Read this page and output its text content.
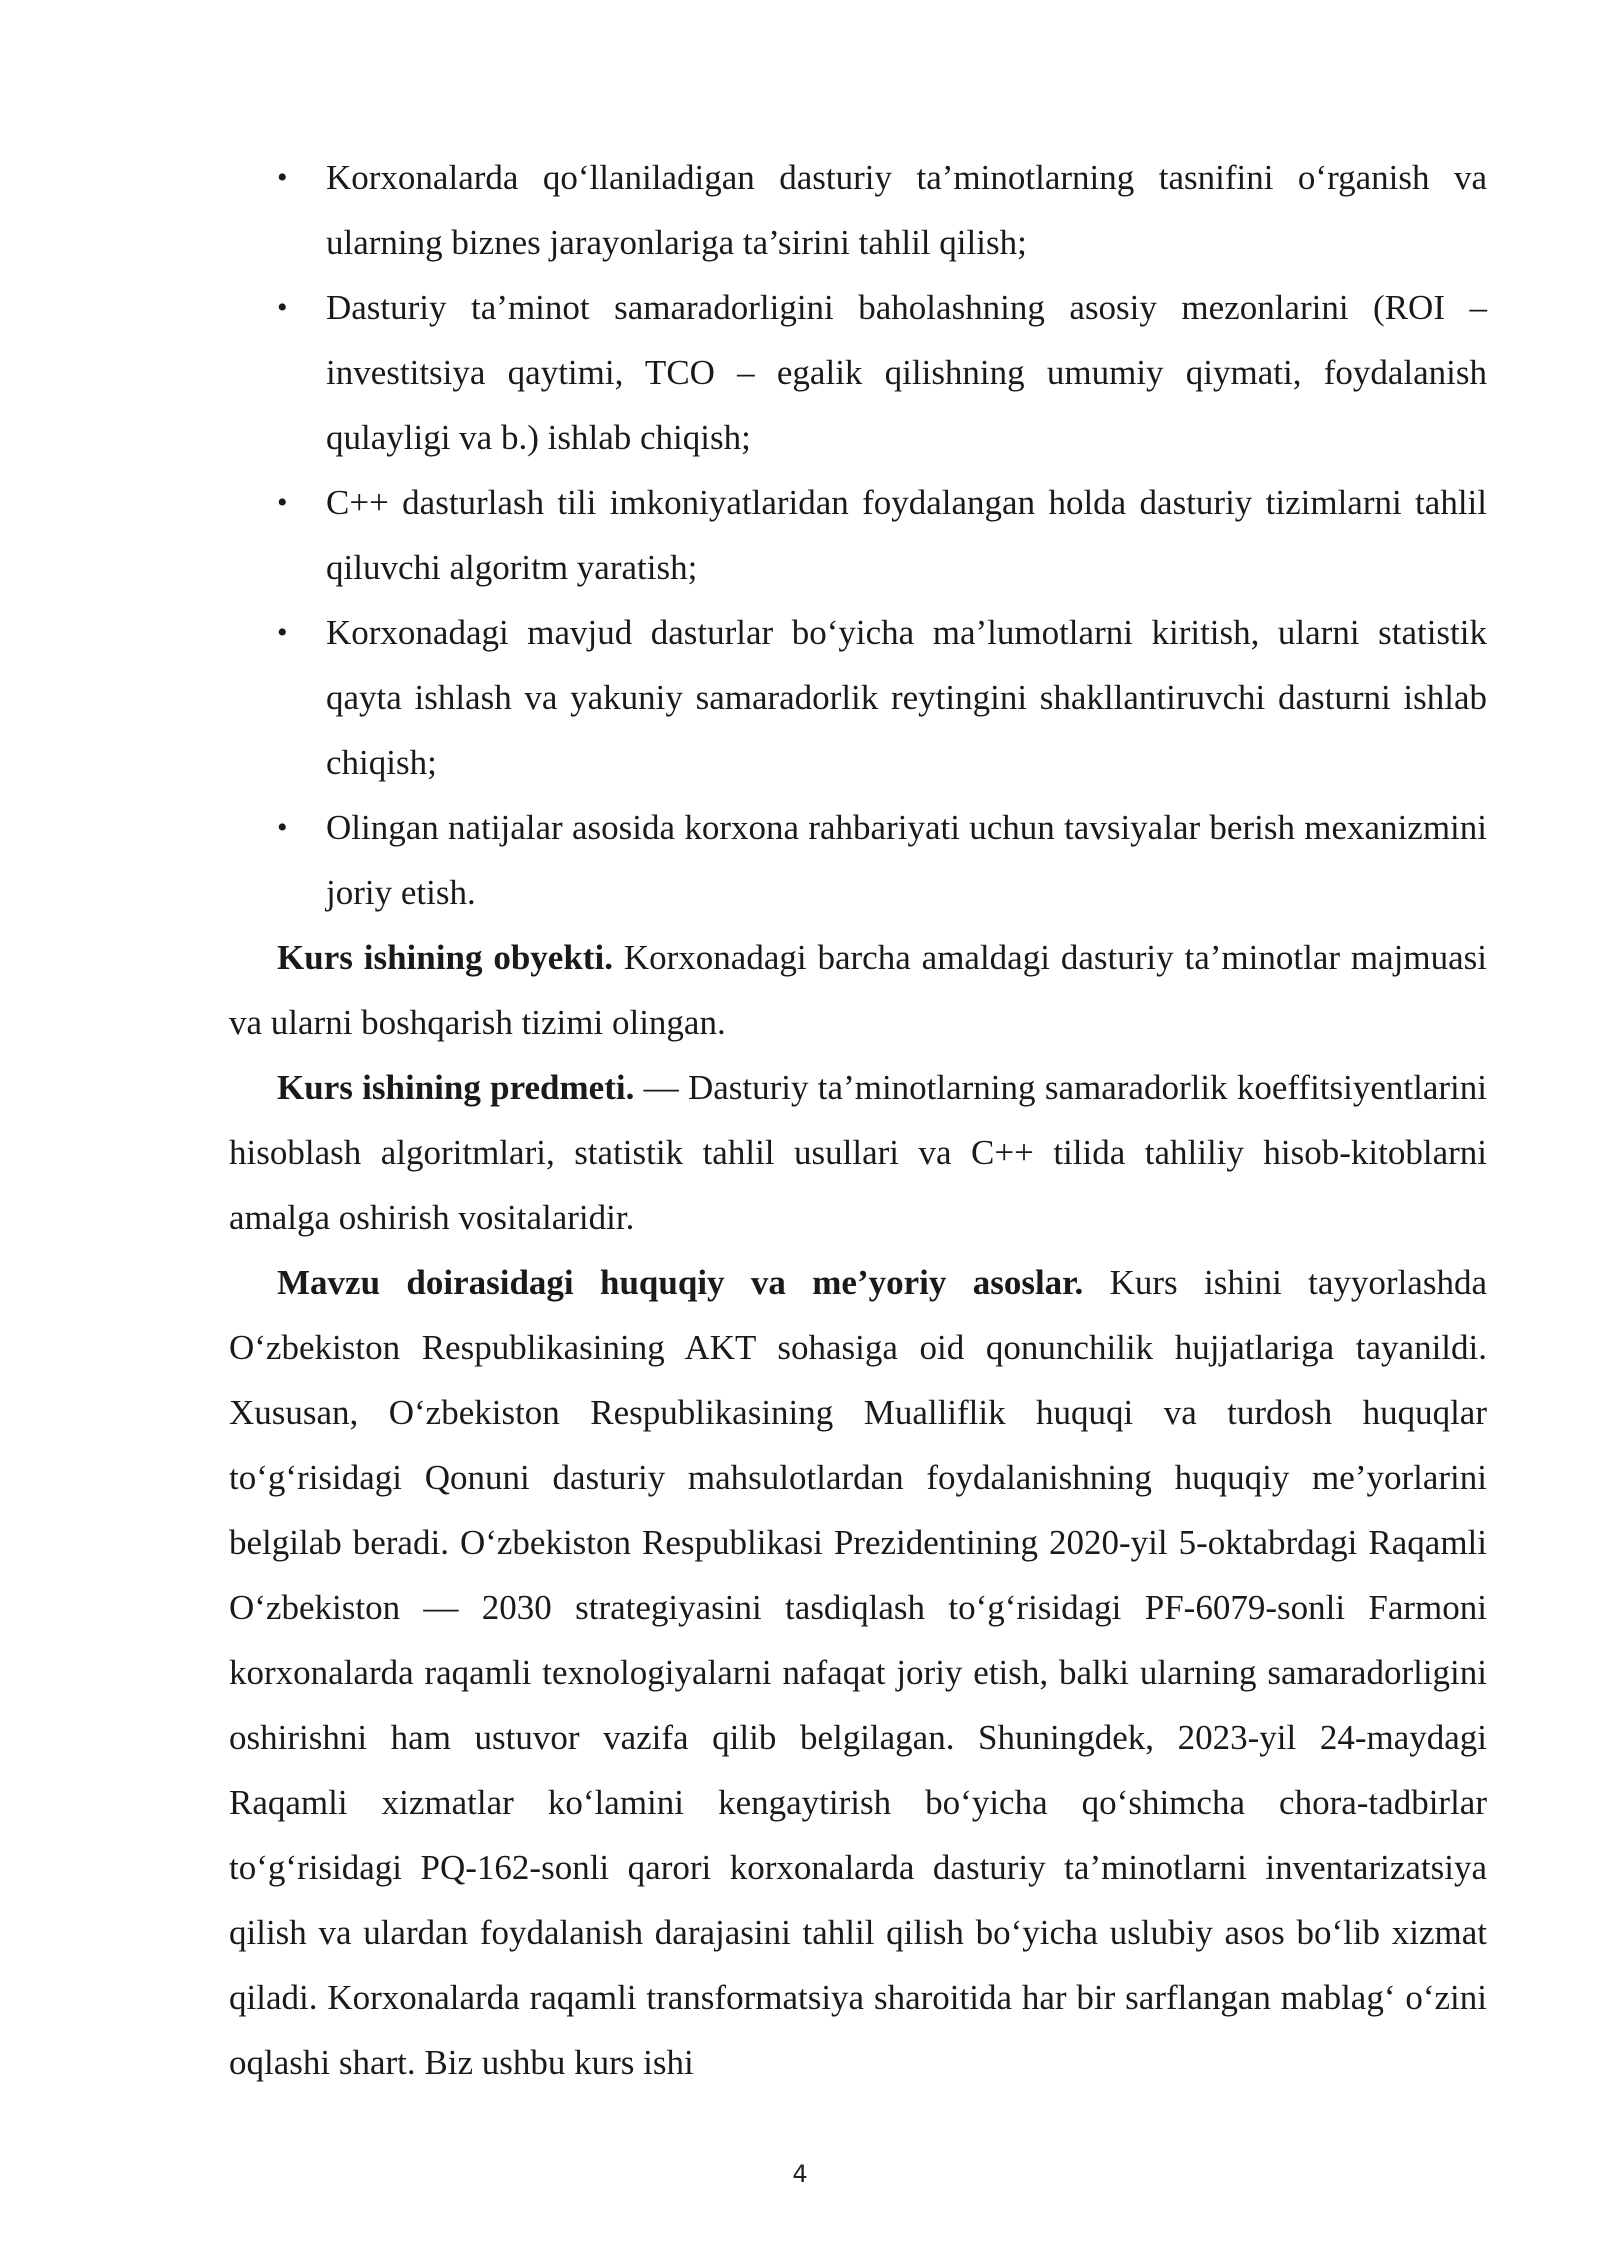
• Korxonalarda qo‘llaniladigan dasturiy ta’minotlarning tasnifini o‘rganish va ularning biznes jarayonlariga ta’sirini tahlil qilish;
• Dasturiy ta’minot samaradorligini baholashning asosiy mezonlarini (ROI – investitsiya qaytimi, TCO – egalik qilishning umumiy qiymati, foydalanish qulayligi va b.) ishlab chiqish;
• C++ dasturlash tili imkoniyatlaridan foydalangan holda dasturiy tizimlarni tahlil qiluvchi algoritm yaratish;
• Korxonadagi mavjud dasturlar bo‘yicha ma’lumotlarni kiritish, ularni statistik qayta ishlash va yakuniy samaradorlik reytingini shakllantiruvchi dasturni ishlab chiqish;
• Olingan natijalar asosida korxona rahbariyati uchun tavsiyalar berish mexanizmini joriy etish.

Kurs ishining obyekti. Korxonadagi barcha amaldagi dasturiy ta’minotlar majmuasi va ularni boshqarish tizimi olingan.

Kurs ishining predmeti. — Dasturiy ta’minotlarning samaradorlik koeffitsiyentlarini hisoblash algoritmlari, statistik tahlil usullari va C++ tilida tahliliy hisob-kitoblarni amalga oshirish vositalaridir.

Mavzu doirasidagi huquqiy va me’yoriy asoslar. Kurs ishini tayyorlashda O‘zbekiston Respublikasining AKT sohasiga oid qonunchilik hujjatlariga tayanildi. Xususan, O‘zbekiston Respublikasining Mualliflik huquqi va turdosh huquqlar to‘g‘risidagi Qonuni dasturiy mahsulotlardan foydalanishning huquqiy me’yorlarini belgilab beradi. O‘zbekiston Respublikasi Prezidentining 2020-yil 5-oktabrdagi Raqamli O‘zbekiston — 2030 strategiyasini tasdiqlash to‘g‘risidagi PF-6079-sonli Farmoni korxonalarda raqamli texnologiyalarni nafaqat joriy etish, balki ularning samaradorligini oshirishni ham ustuvor vazifa qilib belgilagan. Shuningdek, 2023-yil 24-maydagi Raqamli xizmatlar ko‘lamini kengaytirish bo‘yicha qo‘shimcha chora-tadbirlar to‘g‘risidagi PQ-162-sonli qarori korxonalarda dasturiy ta’minotlarni inventarizatsiya qilish va ulardan foydalanish darajasini tahlil qilish bo‘yicha uslubiy asos bo‘lib xizmat qiladi. Korxonalarda raqamli transformatsiya sharoitida har bir sarflangan mablag‘ o‘zini oqlashi shart. Biz ushbu kurs ishi

4
